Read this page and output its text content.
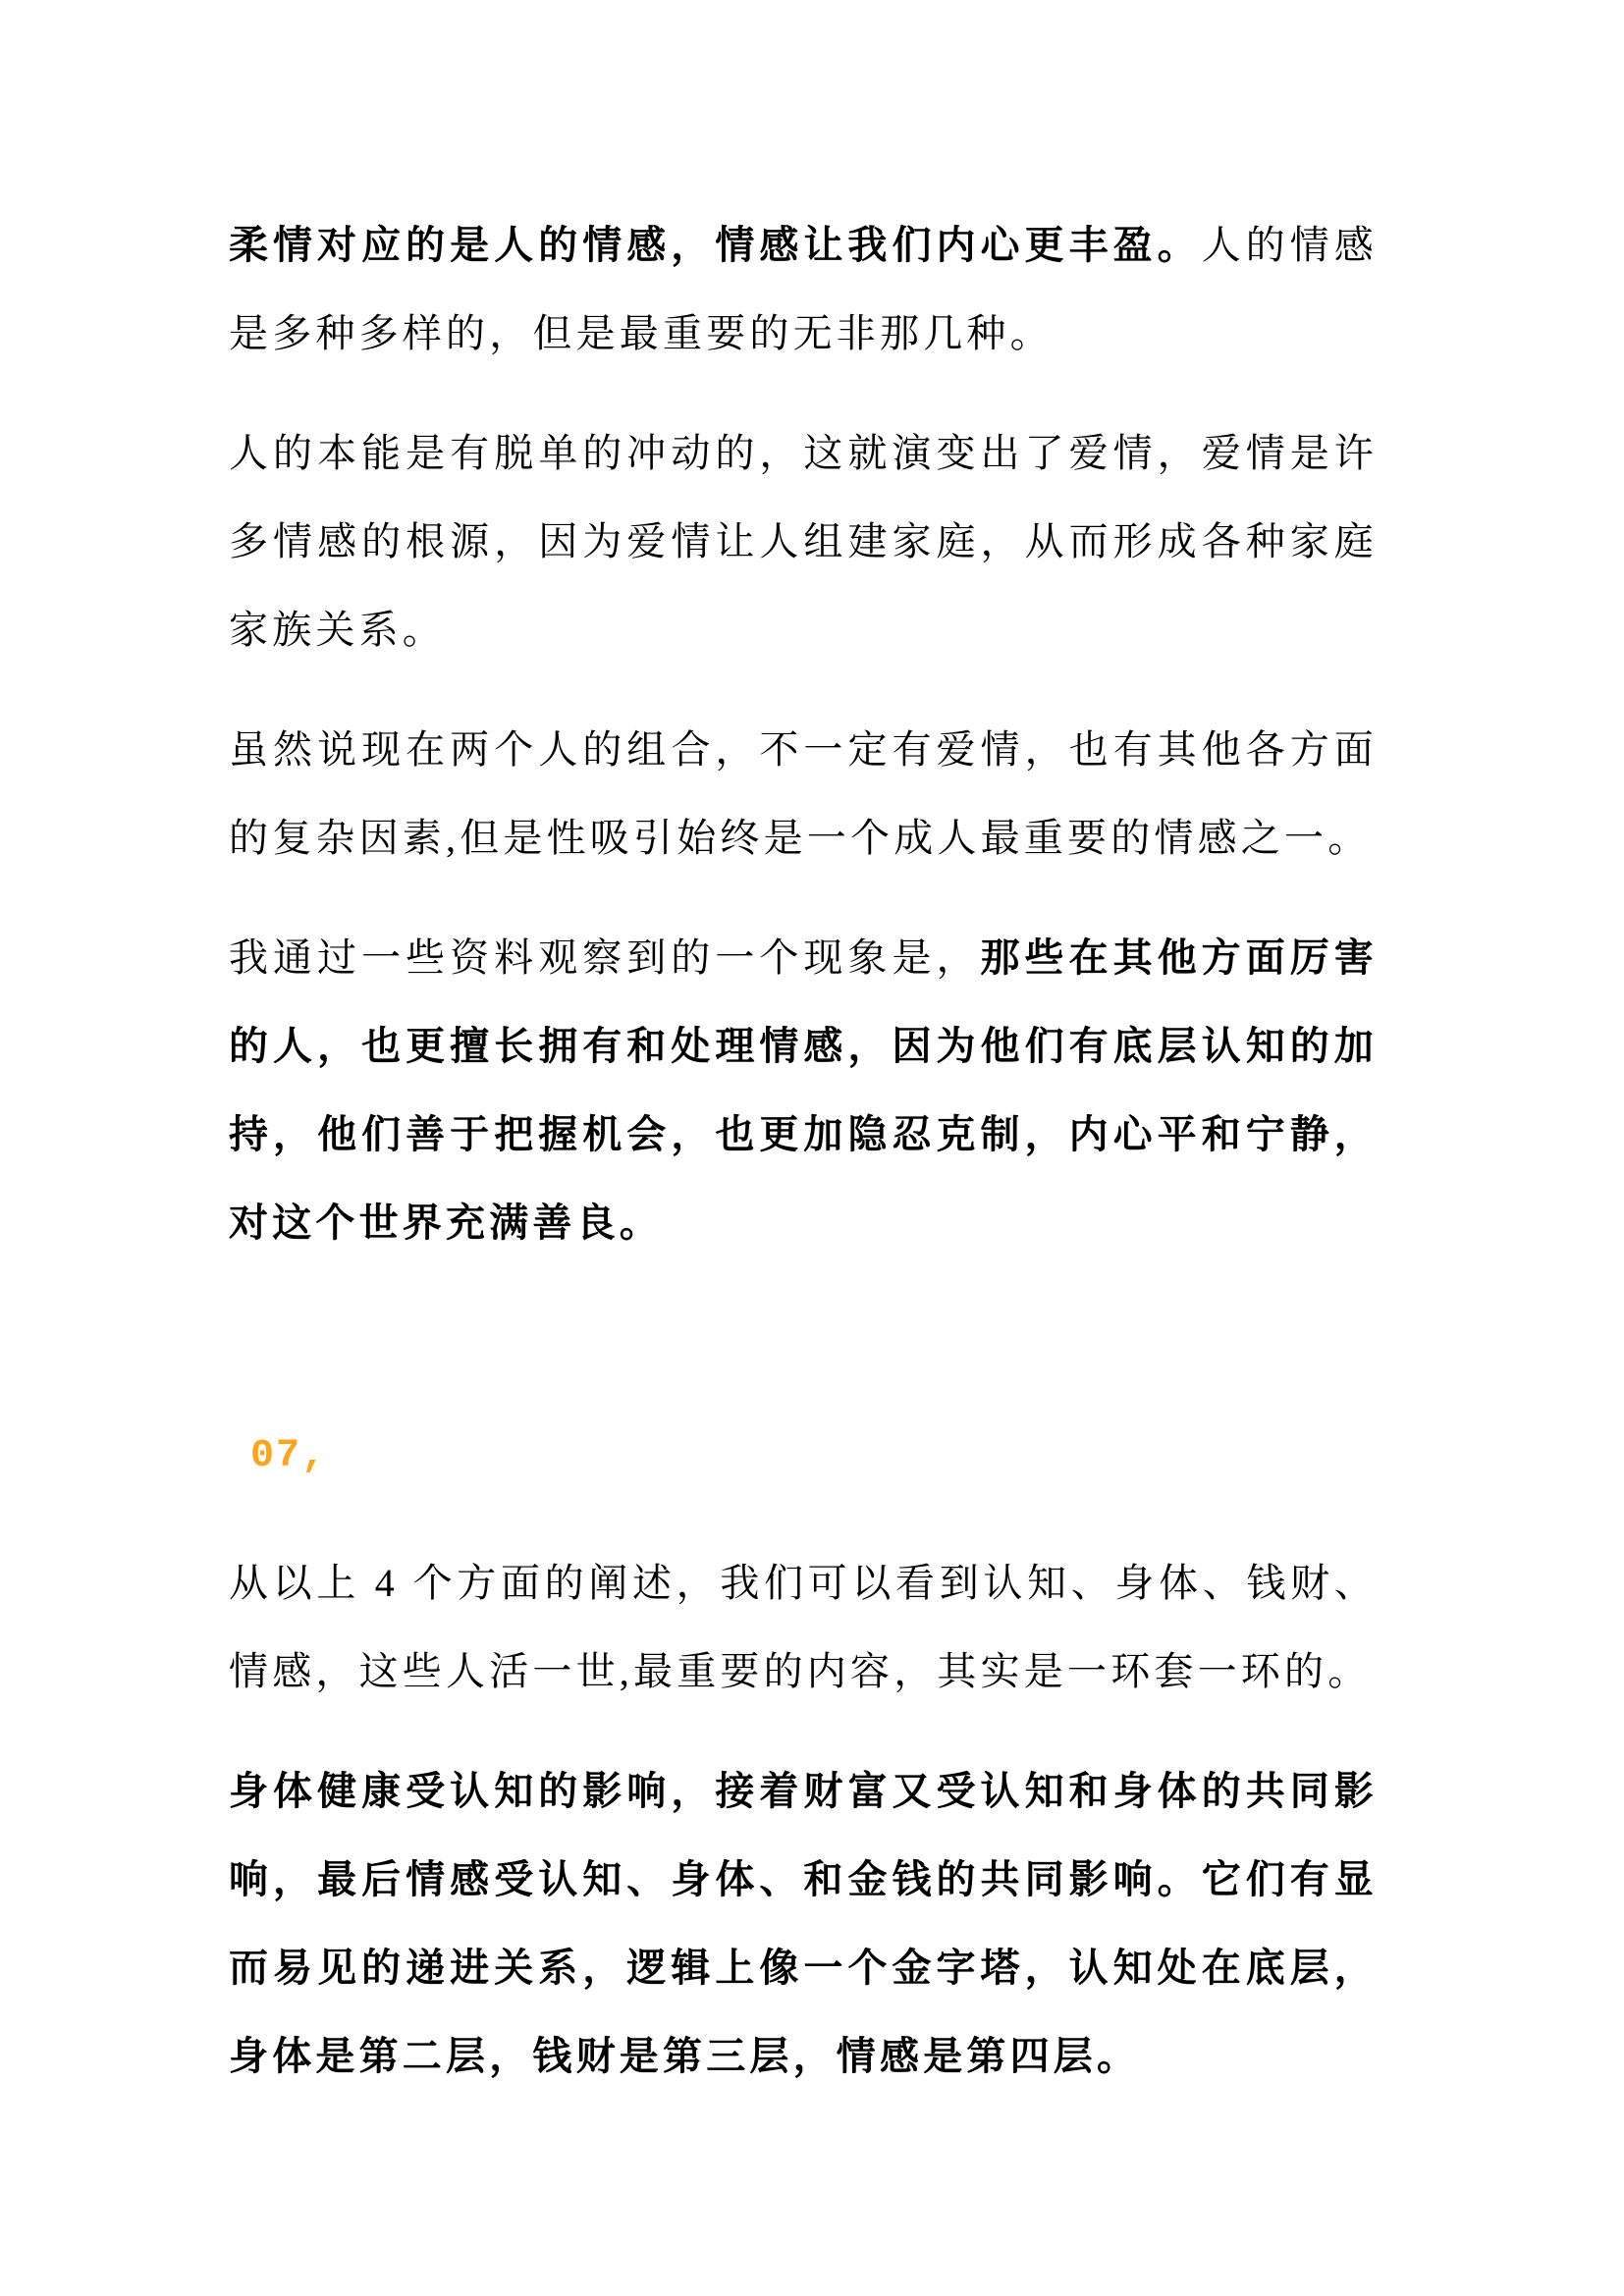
柔情对应的是人的情感，情感让我们内心更丰盈。人的情感是多种多样的，但是最重要的无非那几种。

人的本能是有脱单的冲动的，这就演变出了爱情，爱情是许多情感的根源，因为爱情让人组建家庭，从而形成各种家庭家族关系。

虽然说现在两个人的组合，不一定有爱情，也有其他各方面的复杂因素,但是性吸引始终是一个成人最重要的情感之一。

我通过一些资料观察到的一个现象是，那些在其他方面厉害的人，也更擅长拥有和处理情感，因为他们有底层认知的加持，他们善于把握机会，也更加隐忍克制，内心平和宁静，对这个世界充满善良。

07,

从以上 4 个方面的阐述，我们可以看到认知、身体、钱财、情感，这些人活一世,最重要的内容，其实是一环套一环的。

身体健康受认知的影响，接着财富又受认知和身体的共同影响，最后情感受认知、身体、和金钱的共同影响。它们有显而易见的递进关系，逻辑上像一个金字塔，认知处在底层，身体是第二层，钱财是第三层，情感是第四层。
